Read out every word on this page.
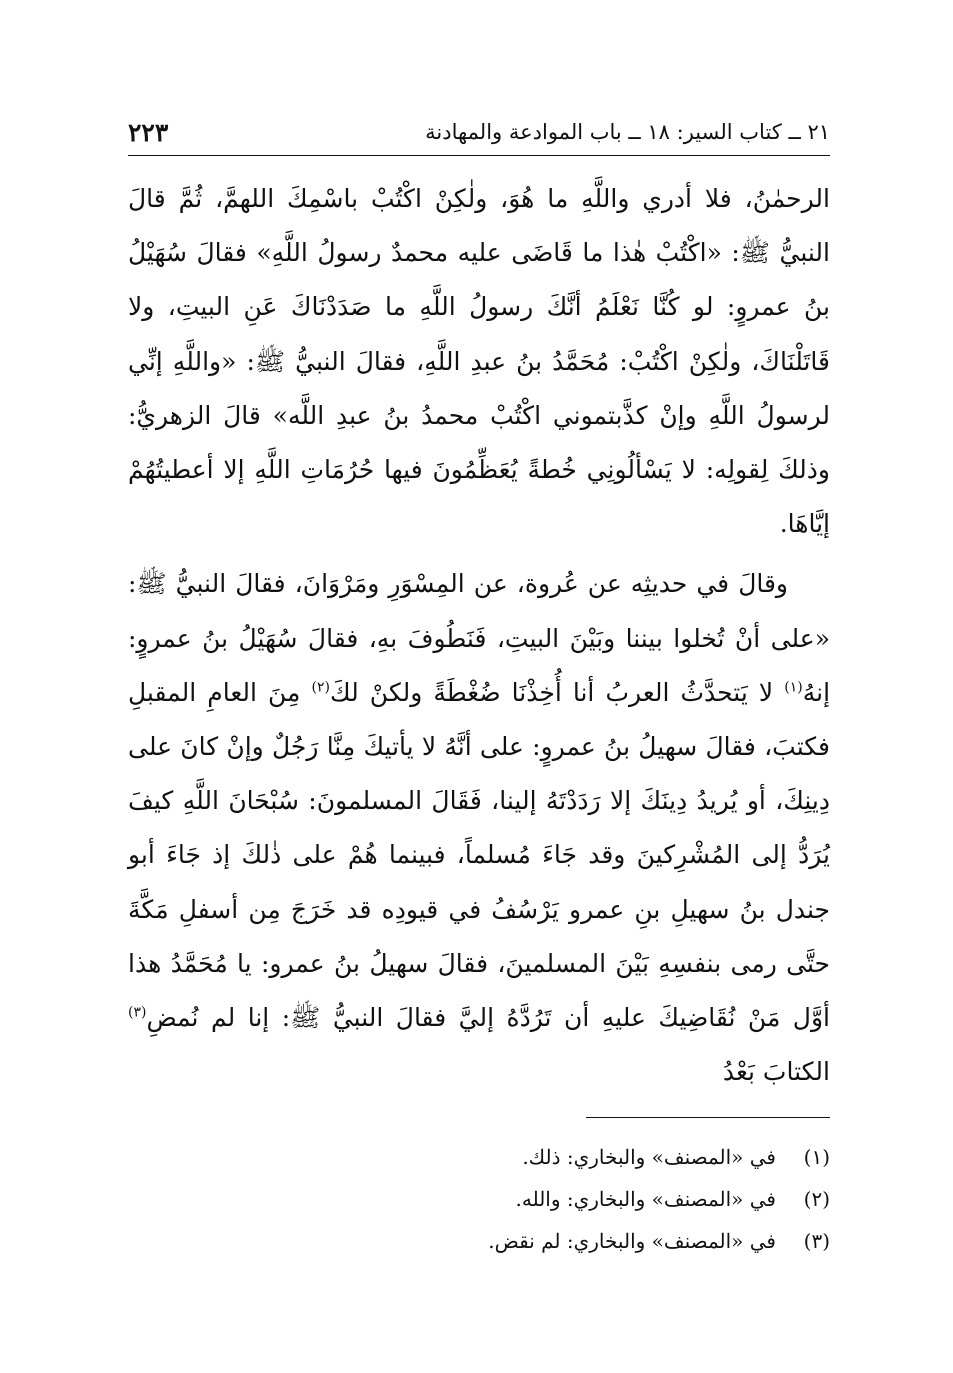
٢١ ــ كتاب السير: ١٨ ــ باب الموادعة والمهادنة
٢٢٣

الرحمٰنُ، فلا أدري واللَّهِ ما هُوَ، ولٰكِنْ اكْتُبْ باسْمِكَ اللهمَّ، ثُمَّ قالَ النبيُّ ﷺ: «اكْتُبْ هٰذا ما قَاضَى عليه محمدٌ رسولُ اللَّهِ» فقالَ سُهَيْلُ بنُ عمروٍ: لو كُنَّا نَعْلَمُ أنَّكَ رسولُ اللَّهِ ما صَدَدْنَاكَ عَنِ البيتِ، ولا قَاتَلْنَاكَ، ولٰكِنْ اكْتُبْ: مُحَمَّدُ بنُ عبدِ اللَّهِ، فقالَ النبيُّ ﷺ: «واللَّهِ إنِّي لرسولُ اللَّهِ وإنْ كذَّبتموني اكْتُبْ محمدُ بنُ عبدِ اللَّه» قالَ الزهريُّ: وذلكَ لِقولِه: لا يَسْألُونِي خُطةً يُعَظِّمُونَ فيها حُرُمَاتِ اللَّهِ إلا أعطيتُهُمْ إيَّاهَا.

وقالَ في حديثِه عن عُروة، عن المِسْوَرِ ومَرْوَانَ، فقالَ النبيُّ ﷺ: «على أنْ تُخلوا بيننا وبَيْنَ البيتِ، فَنَطُوفَ بهِ، فقالَ سُهَيْلُ بنُ عمروٍ: إنهُ$^{(١)}$ لا يَتحدَّثُ العربُ أنا أُخِذْنَا ضُغْطَةً ولكنْ لكَ$^{(٢)}$ مِنَ العامِ المقبلِ فكتبَ، فقالَ سهيلُ بنُ عمروٍ: على أنَّهُ لا يأتيكَ مِنَّا رَجُلٌ وإنْ كانَ على دِينِكَ، أو يُريدُ دِينَكَ إلا رَدَدْتَهُ إلينا، فَقَالَ المسلمونَ: سُبْحَانَ اللَّهِ كيفَ يُرَدُّ إلى المُشْرِكينَ وقد جَاءَ مُسلماً، فبينما هُمْ على ذٰلكَ إذ جَاءَ أبو جندل بنُ سهيلِ بنِ عمرو يَرْسُفُ في قيودِه قد خَرَجَ مِن أسفلِ مَكَّةَ حتَّى رمى بنفسِهِ بَيْنَ المسلمينَ، فقالَ سهيلُ بنُ عمرو: يا مُحَمَّدُ هذا أوَّل مَنْ نُقَاضِيكَ عليهِ أن تَرُدَّهُ إليَّ فقالَ النبيُّ ﷺ: إنا لم نُمضِ$^{(٣)}$ الكتابَ بَعْدُ

(١)
في «المصنف» والبخاري: ذلك.
(٢)
في «المصنف» والبخاري: والله.
(٣)
في «المصنف» والبخاري: لم نقض.
